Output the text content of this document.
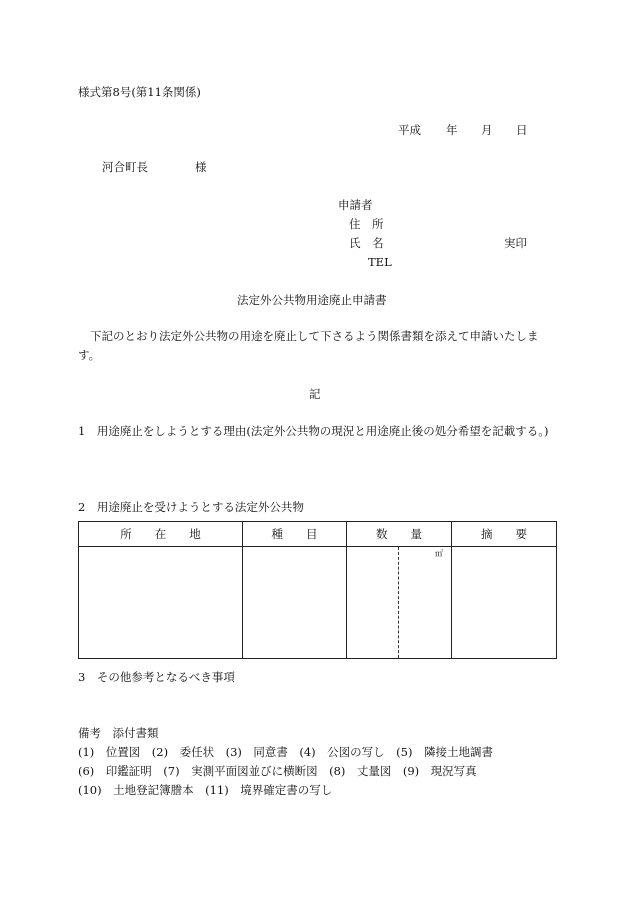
様式第8号(第11条関係)
平成 年 月 日
河合町長	様
申請者
住　所
氏　名	実印
TEL
法定外公共物用途廃止申請書
下記のとおり法定外公共物の用途を廃止して下さるよう関係書類を添えて申請いたします。
記
1　 用途廃止をしようとする理由(法定外公共物の現況と用途廃止後の処分希望を記載する。)
2　 用途廃止を受けようとする法定外公共物
所　　在　　地	種　　目	数　　量	摘　　要

		㎡	

3　 その他参考となるべき事項
備考　添付書類
(1)　位置図　(2)　委任状　(3)　同意書　(4)　公図の写し　(5)　隣接土地調書
(6)　印鑑証明　(7)　実測平面図並びに横断図　(8)　丈量図　(9)　現況写真
(10)　土地登記簿謄本　(11)　境界確定書の写し
